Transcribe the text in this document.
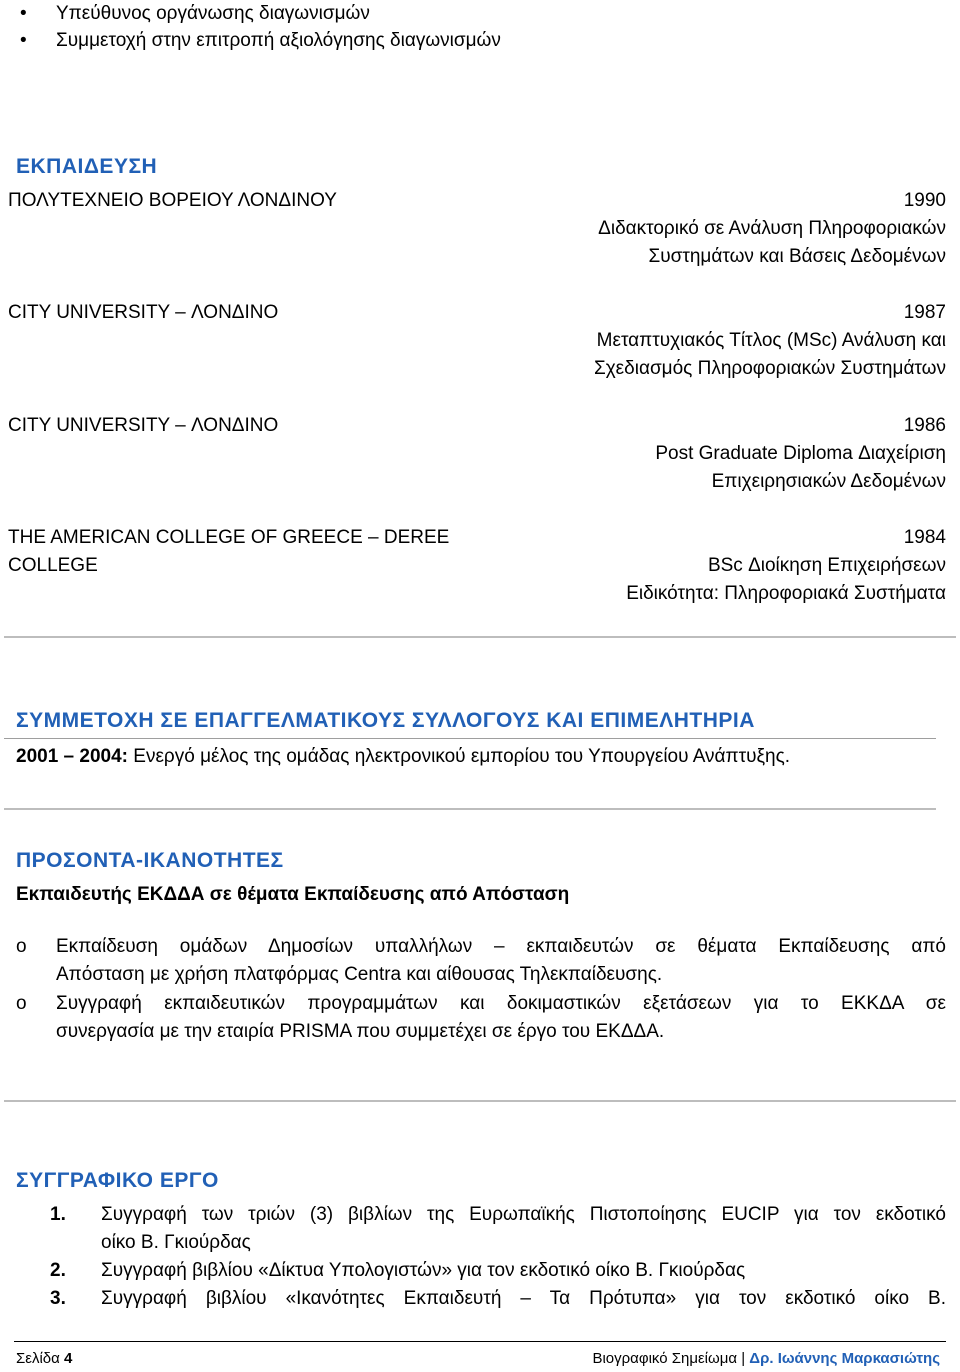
• Υπεύθυνος οργάνωσης διαγωνισμών
• Συμμετοχή στην επιτροπή αξιολόγησης διαγωνισμών
ΕΚΠΑΙΔΕΥΣΗ
ΠΟΛΥΤΕΧΝΕΙΟ ΒΟΡΕΙΟΥ ΛΟΝΔΙΝΟΥ	1990
Διδακτορικό σε Ανάλυση Πληροφοριακών
Συστημάτων και Βάσεις Δεδομένων
CITY UNIVERSITY – ΛΟΝΔΙΝΟ	1987
Μεταπτυχιακός Τίτλος (MSc) Ανάλυση και
Σχεδιασμός Πληροφοριακών Συστημάτων
CITY UNIVERSITY – ΛΟΝΔΙΝΟ	1986
Post Graduate Diploma Διαχείριση
Επιχειρησιακών Δεδομένων
THE AMERICAN COLLEGE OF GREECE – DEREE
COLLEGE
1984
BSc Διοίκηση Επιχειρήσεων
Ειδικότητα: Πληροφοριακά Συστήματα
ΣΥΜΜΕΤΟΧΗ ΣΕ ΕΠΑΓΓΕΛΜΑΤΙΚΟΥΣ ΣΥΛΛΟΓΟΥΣ ΚΑΙ ΕΠΙΜΕΛΗΤΗΡΙΑ
2001 – 2004: Ενεργό μέλος της ομάδας ηλεκτρονικού εμπορίου του Υπουργείου Ανάπτυξης.
ΠΡΟΣΟΝΤΑ-ΙΚΑΝΟΤΗΤΕΣ
Εκπαιδευτής ΕΚΔΔΑ σε θέματα Εκπαίδευσης από Απόσταση
o Εκπαίδευση ομάδων Δημοσίων υπαλλήλων – εκπαιδευτών σε θέματα Εκπαίδευσης από
Απόσταση με χρήση πλατφόρμας Centra και αίθουσας Τηλεκπαίδευσης.
o Συγγραφή εκπαιδευτικών προγραμμάτων και δοκιμαστικών εξετάσεων για το ΕΚΚΔΑ σε
συνεργασία με την εταιρία PRISMA που συμμετέχει σε έργο του ΕΚΔΔΑ.
ΣΥΓΓΡΑΦΙΚΟ ΕΡΓΟ
1. Συγγραφή των τριών (3) βιβλίων της Ευρωπαϊκής Πιστοποίησης EUCIP για τον εκδοτικό
οίκο Β. Γκιούρδας
2. Συγγραφή βιβλίου «Δίκτυα Υπολογιστών» για τον εκδοτικό οίκο Β. Γκιούρδας
3. Συγγραφή βιβλίου «Ικανότητες Εκπαιδευτή – Τα Πρότυπα» για τον εκδοτικό οίκο Β.
Σελίδα 4	Βιογραφικό Σημείωμα | Δρ. Ιωάννης Μαρκασιώτης
